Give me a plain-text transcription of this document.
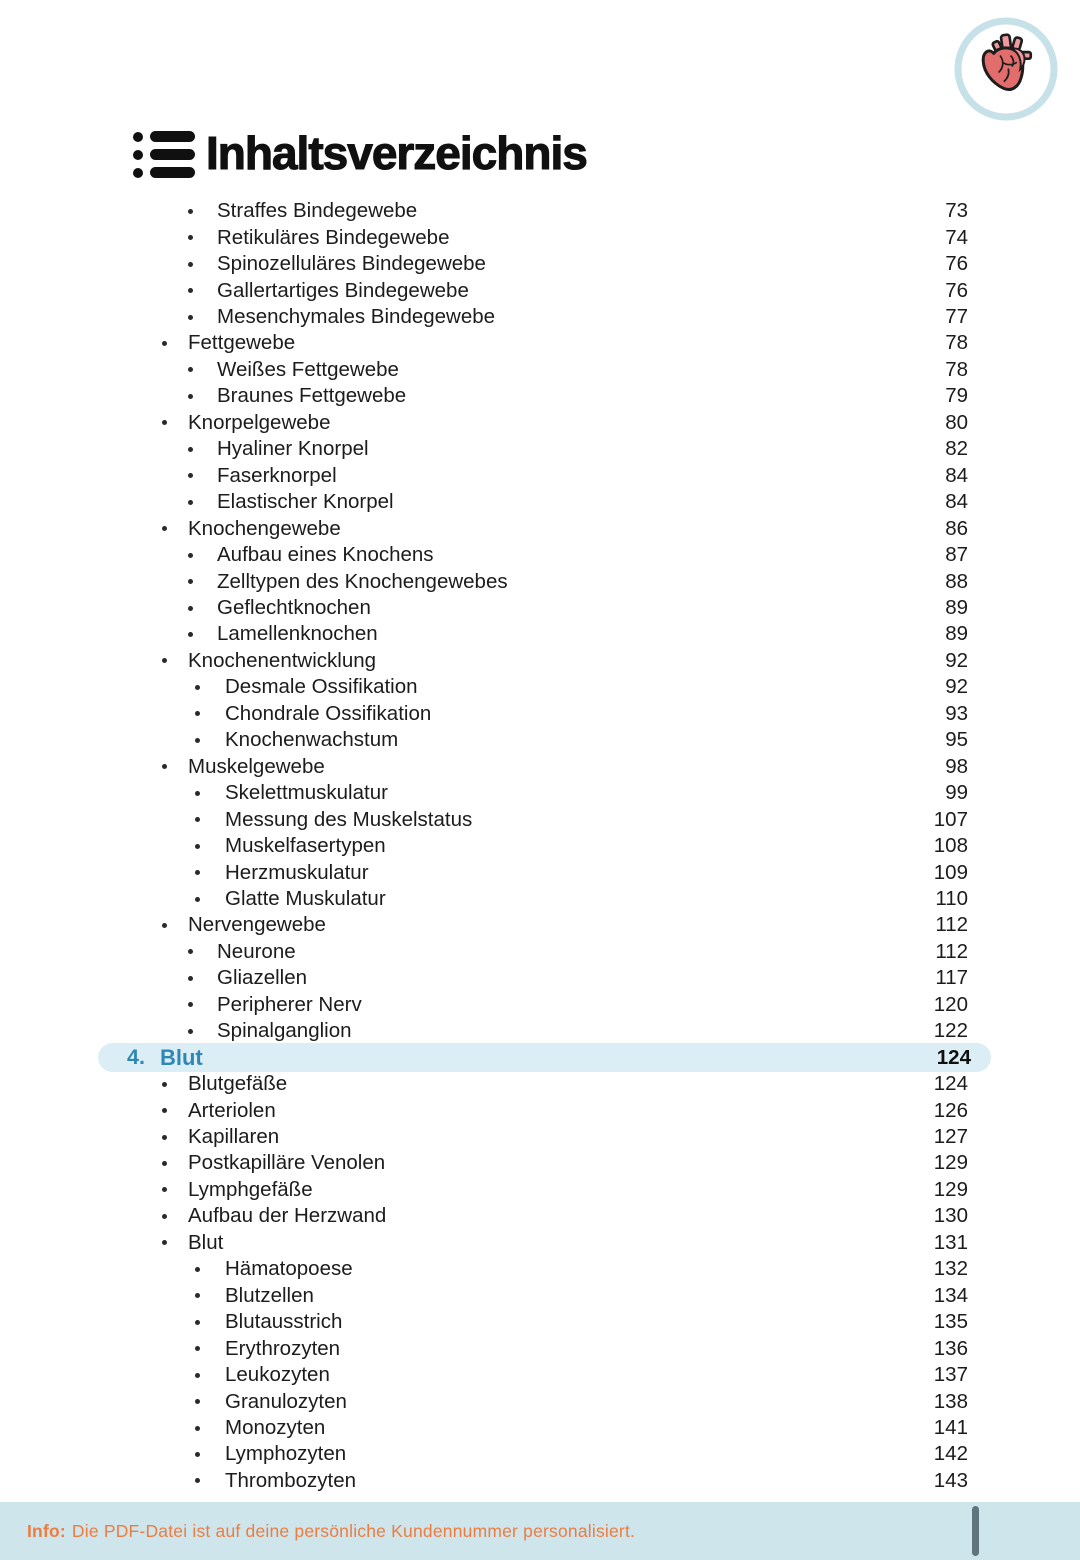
Inhaltsverzeichnis
Straffes Bindegewebe	73
Retikuläres Bindegewebe	74
Spinozelluläres Bindegewebe	76
Gallertartiges Bindegewebe	76
Mesenchymales Bindegewebe	77
Fettgewebe	78
Weißes Fettgewebe	78
Braunes Fettgewebe	79
Knorpelgewebe	80
Hyaliner Knorpel	82
Faserknorpel	84
Elastischer Knorpel	84
Knochengewebe	86
Aufbau eines Knochens	87
Zelltypen des Knochengewebes	88
Geflechtknochen	89
Lamellenknochen	89
Knochenentwicklung	92
Desmale Ossifikation	92
Chondrale Ossifikation	93
Knochenwachstum	95
Muskelgewebe	98
Skelettmuskulatur	99
Messung des Muskelstatus	107
Muskelfasertypen	108
Herzmuskulatur	109
Glatte Muskulatur	110
Nervengewebe	112
Neurone	112
Gliazellen	117
Peripherer Nerv	120
Spinalganglion	122
4. Blut	124
Blutgefäße	124
Arteriolen	126
Kapillaren	127
Postkapilläre Venolen	129
Lymphgefäße	129
Aufbau der Herzwand	130
Blut	131
Hämatopoese	132
Blutzellen	134
Blutausstrich	135
Erythrozyten	136
Leukozyten	137
Granulozyten	138
Monozyten	141
Lymphozyten	142
Thrombozyten	143
Info: Die PDF-Datei ist auf deine persönliche Kundennummer personalisiert.
